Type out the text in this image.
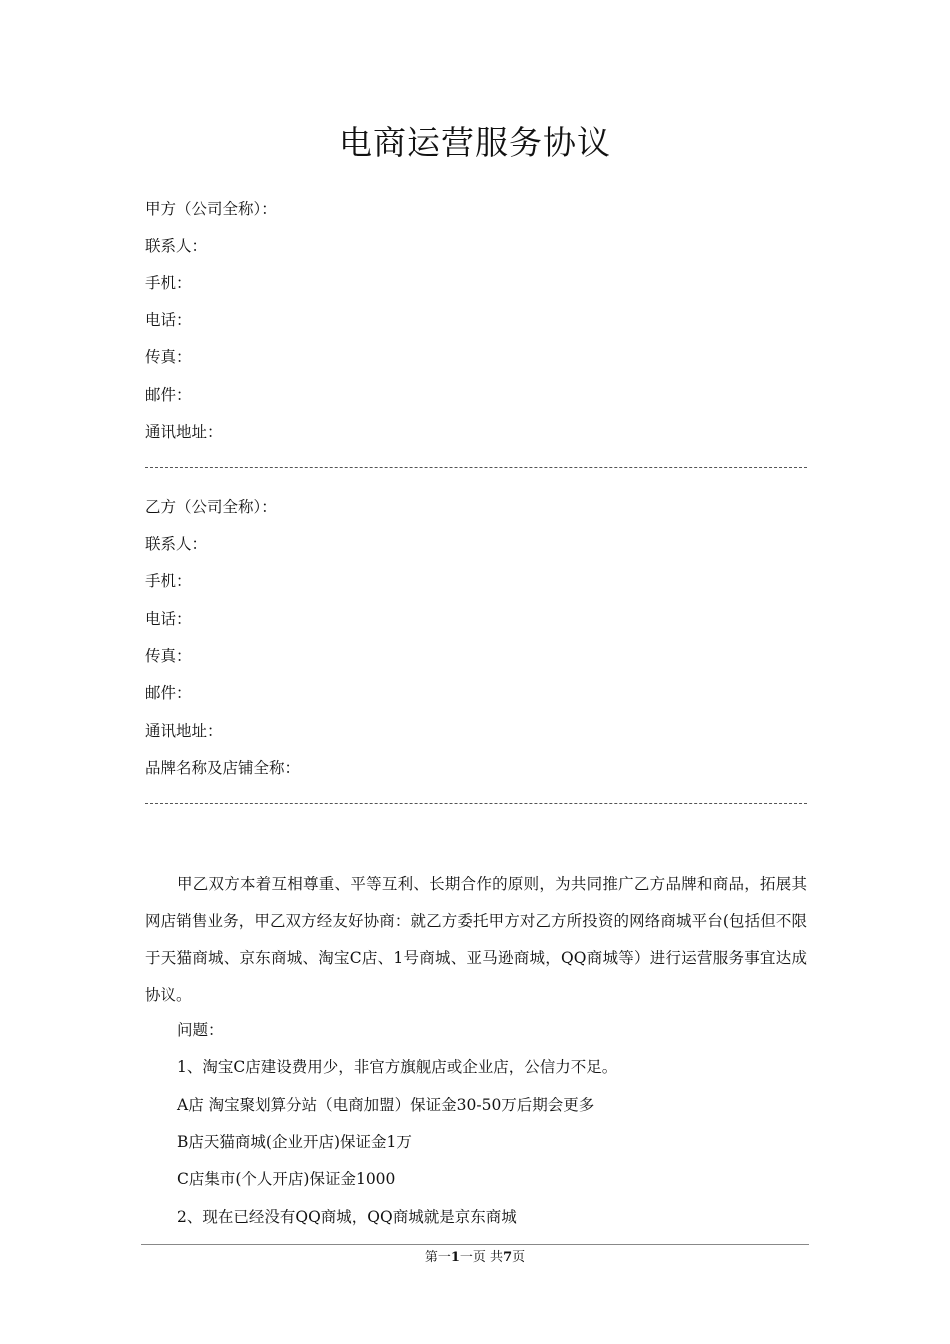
电商运营服务协议
甲方（公司全称）：
联系人：
手机：
电话：
传真：
邮件：
通讯地址：
乙方（公司全称）：
联系人：
手机：
电话：
传真：
邮件：
通讯地址：
品牌名称及店铺全称：
甲乙双方本着互相尊重、平等互利、长期合作的原则，为共同推广乙方品牌和商品，拓展其网店销售业务，甲乙双方经友好协商：就乙方委托甲方对乙方所投资的网络商城平台(包括但不限于天猫商城、京东商城、淘宝C店、1号商城、亚马逊商城，QQ商城等）进行运营服务事宜达成协议。
问题：
1、淘宝C店建设费用少，非官方旗舰店或企业店，公信力不足。
A店 淘宝聚划算分站（电商加盟）保证金30-50万后期会更多
B店天猫商城(企业开店)保证金1万
C店集市(个人开店)保证金1000
2、现在已经没有QQ商城，QQ商城就是京东商城
第一1一页 共7页
